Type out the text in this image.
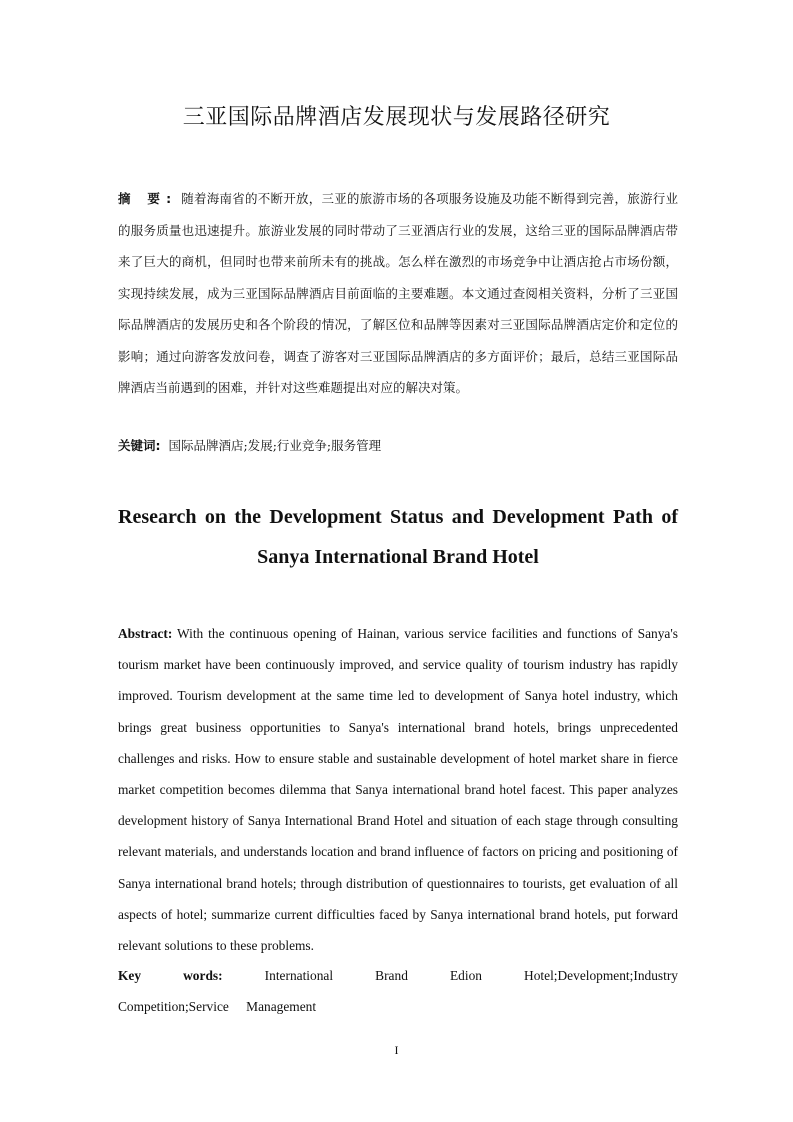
三亚国际品牌酒店发展现状与发展路径研究
摘 要: 随着海南省的不断开放，三亚的旅游市场的各项服务设施及功能不断得到完善，旅游行业的服务质量也迅速提升。旅游业发展的同时带动了三亚酒店行业的发展，这给三亚的国际品牌酒店带来了巨大的商机，但同时也带来前所未有的挑战。怎么样在激烈的市场竞争中让酒店抢占市场份额，实现持续发展，成为三亚国际品牌酒店目前面临的主要难题。本文通过查阅相关资料，分析了三亚国际品牌酒店的发展历史和各个阶段的情况，了解区位和品牌等因素对三亚国际品牌酒店定价和定位的影响；通过向游客发放问卷，调查了游客对三亚国际品牌酒店的多方面评价；最后，总结三亚国际品牌酒店当前遇到的困难，并针对这些难题提出对应的解决对策。
关键词: 国际品牌酒店;发展;行业竞争;服务管理
Research on the Development Status and Development Path of
Sanya International Brand Hotel
Abstract: With the continuous opening of Hainan, various service facilities and functions of Sanya's tourism market have been continuously improved, and service quality of tourism industry has rapidly improved. Tourism development at the same time led to development of Sanya hotel industry, which brings great business opportunities to Sanya's international brand hotels, brings unprecedented challenges and risks. How to ensure stable and sustainable development of hotel market share in fierce market competition becomes dilemma that Sanya international brand hotel facest. This paper analyzes development history of Sanya International Brand Hotel and situation of each stage through consulting relevant materials, and understands location and brand influence of factors on pricing and positioning of Sanya international brand hotels; through distribution of questionnaires to tourists, get evaluation of all aspects of hotel; summarize current difficulties faced by Sanya international brand hotels, put forward relevant solutions to these problems.
Key words:	International Brand Edion Hotel;Development;Industry Competition;Service Management
I
